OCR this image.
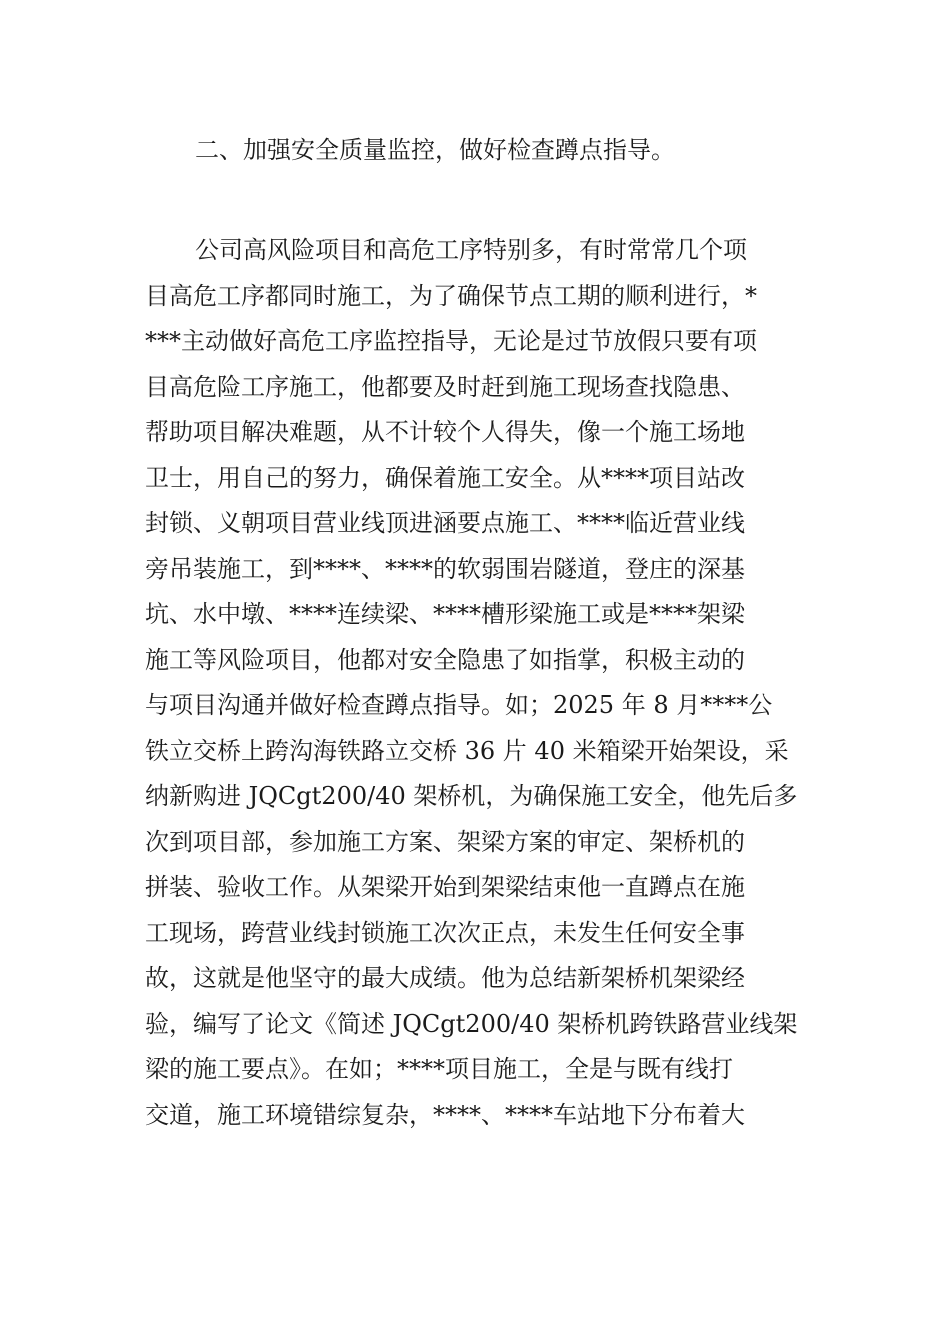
二、加强安全质量监控，做好检查蹲点指导。
公司高风险项目和高危工序特别多，有时常常几个项
目高危工序都同时施工，为了确保节点工期的顺利进行，*
***主动做好高危工序监控指导，无论是过节放假只要有项
目高危险工序施工，他都要及时赶到施工现场查找隐患、
帮助项目解决难题，从不计较个人得失，像一个施工场地
卫士，用自己的努力，确保着施工安全。从****项目站改
封锁、义朝项目营业线顶进涵要点施工、****临近营业线
旁吊装施工，到****、****的软弱围岩隧道，登庄的深基
坑、水中墩、****连续梁、****槽形梁施工或是****架梁
施工等风险项目，他都对安全隐患了如指掌，积极主动的
与项目沟通并做好检查蹲点指导。如；2025 年 8 月****公
铁立交桥上跨沟海铁路立交桥 36 片 40 米箱梁开始架设，采
纳新购进 JQCgt200/40 架桥机，为确保施工安全，他先后多
次到项目部，参加施工方案、架梁方案的审定、架桥机的
拼装、验收工作。从架梁开始到架梁结束他一直蹲点在施
工现场，跨营业线封锁施工次次正点，未发生任何安全事
故，这就是他坚守的最大成绩。他为总结新架桥机架梁经
验，编写了论文《简述 JQCgt200/40 架桥机跨铁路营业线架
梁的施工要点》。在如；****项目施工，全是与既有线打
交道，施工环境错综复杂，****、****车站地下分布着大
